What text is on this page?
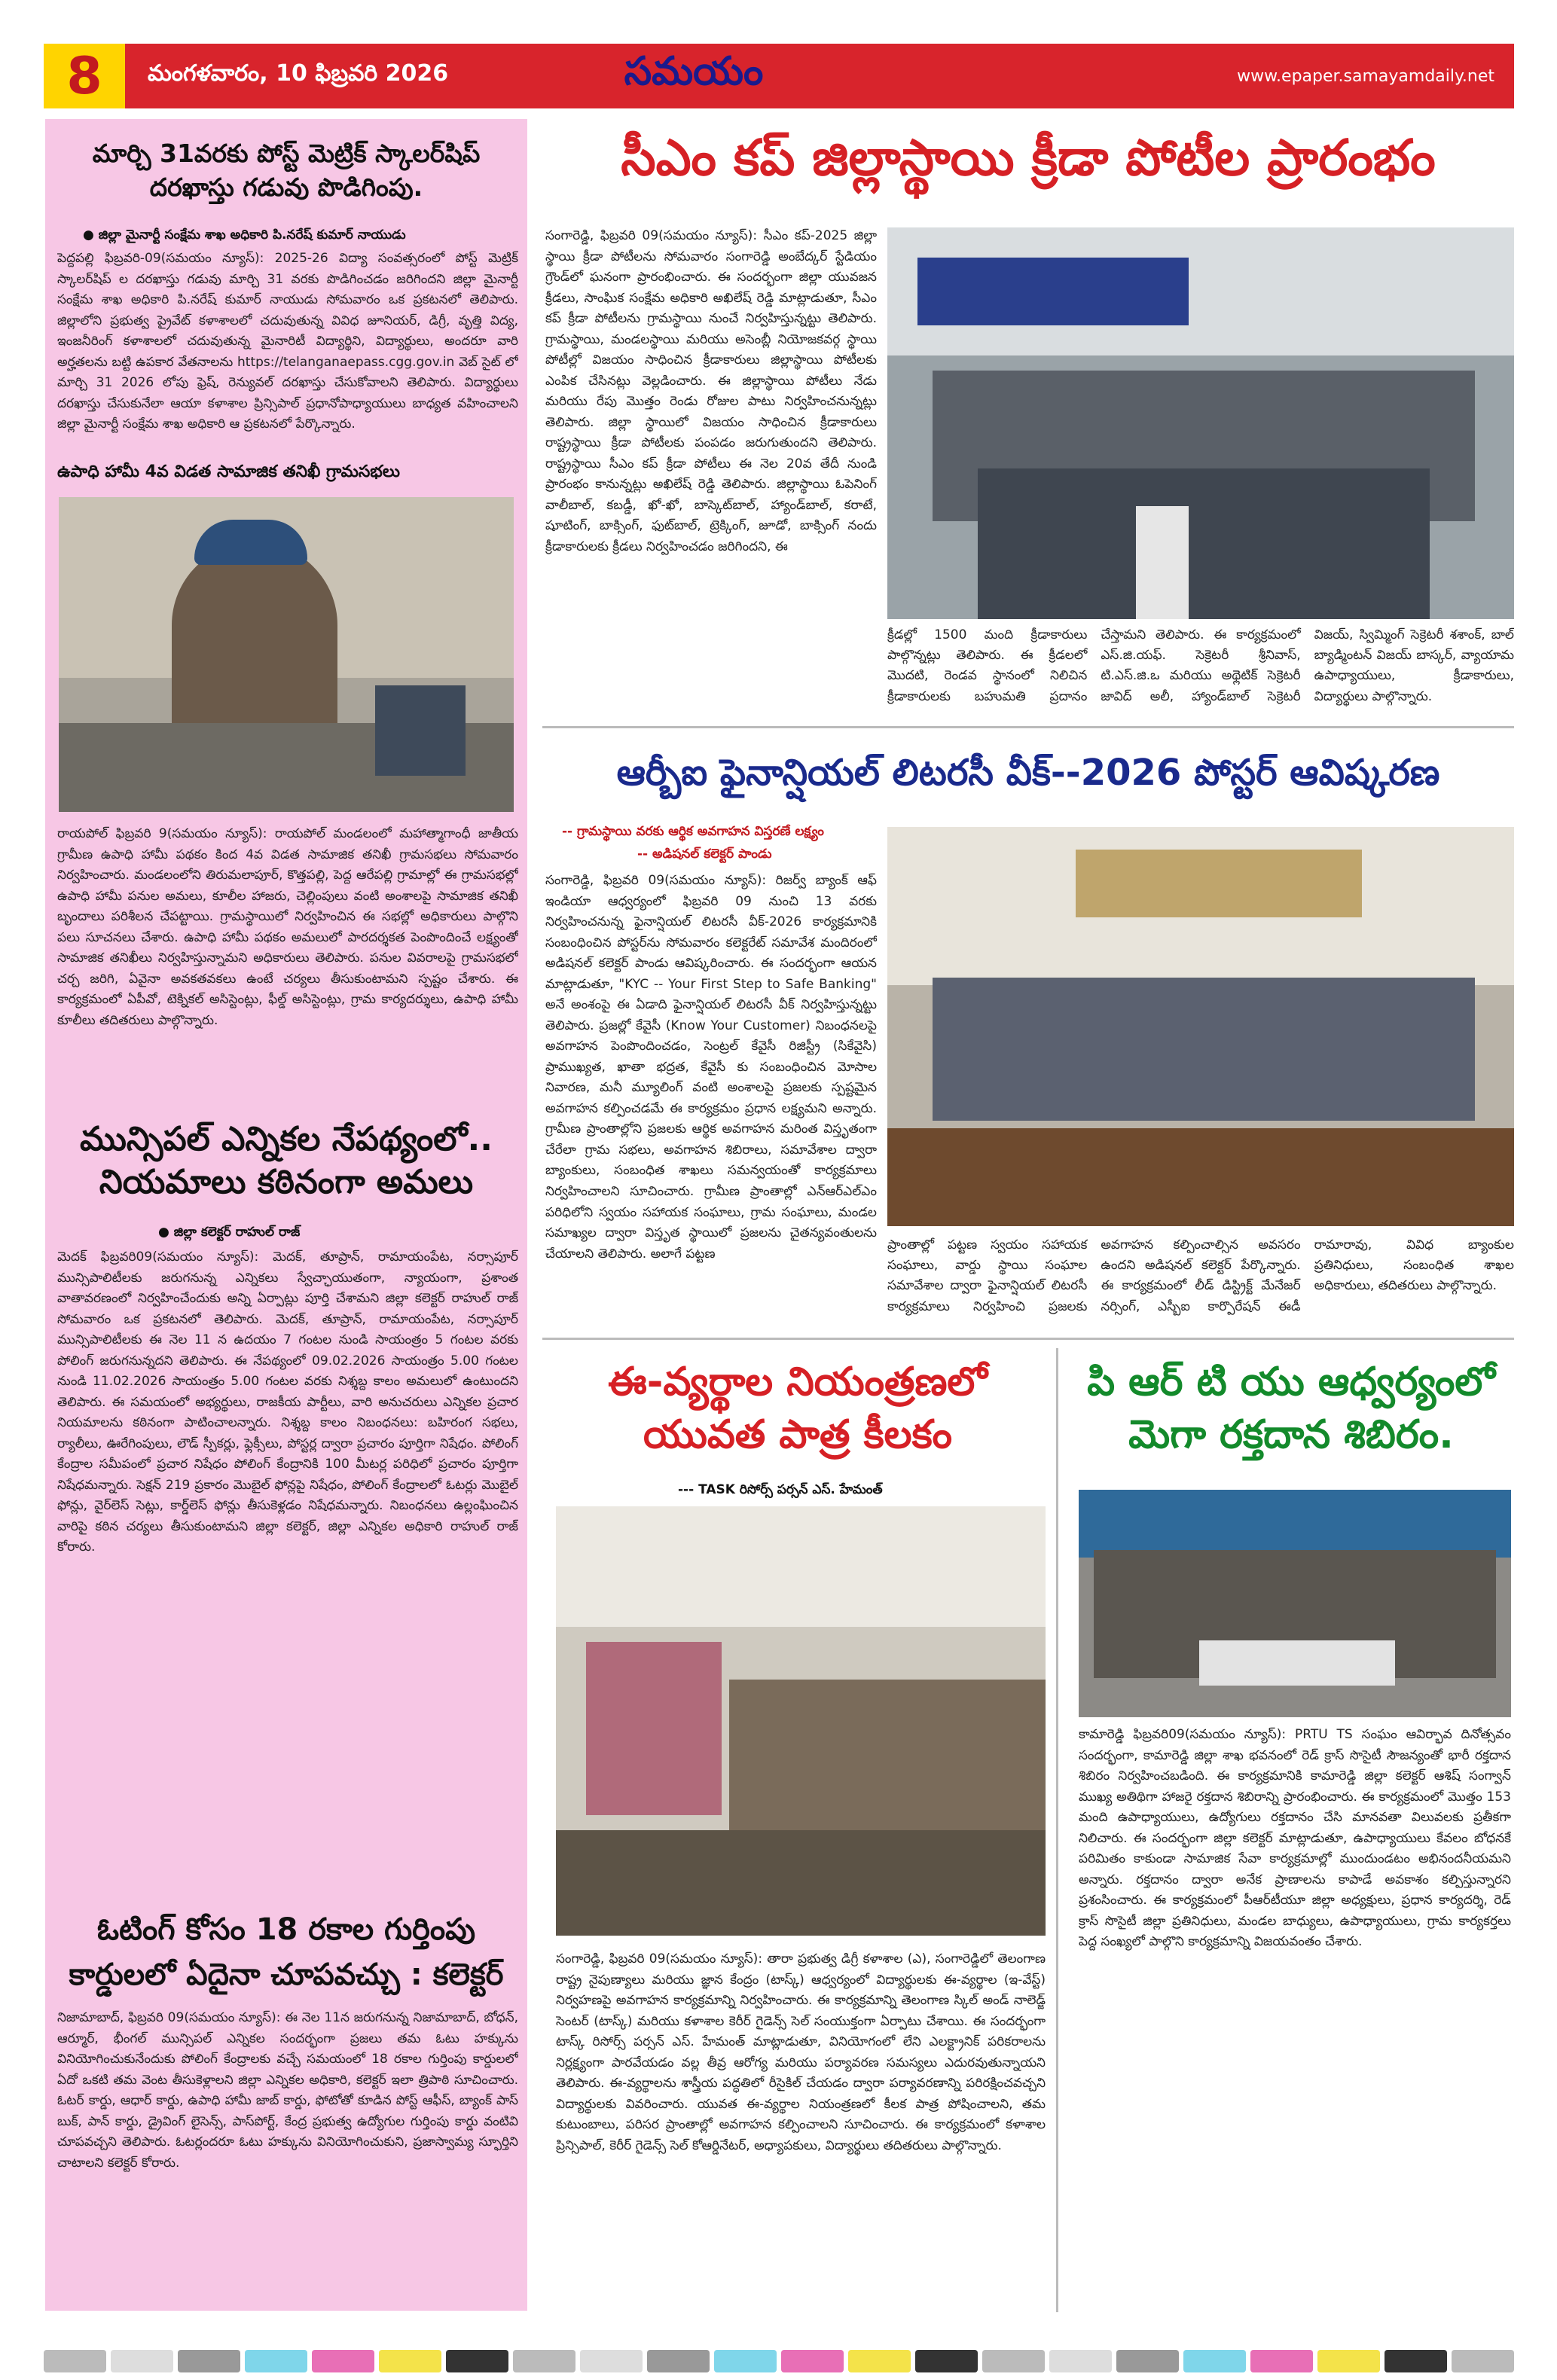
8	మంగళవారం, 10 ఫిబ్రవరి 2026	సమయం	www.epaper.samayamdaily.net
మార్చి 31వరకు పోస్ట్ మెట్రిక్ స్కాలర్‌షిప్ దరఖాస్తు గడువు పొడిగింపు.
● జిల్లా మైనార్టీ సంక్షేమ శాఖ అధికారి పి.నరేష్ కుమార్ నాయుడు
పెద్దపల్లి ఫిబ్రవరి-09(సమయం న్యూస్): 2025-26 విద్యా సంవత్సరంలో పోస్ట్ మెట్రిక్ స్కాలర్‌షిప్ ల దరఖాస్తు గడువు మార్చి 31 వరకు పొడిగించడం జరిగిందని జిల్లా మైనార్టీ సంక్షేమ శాఖ అధికారి పి.నరేష్ కుమార్ నాయుడు సోమవారం ఒక ప్రకటనలో తెలిపారు. జిల్లాలోని ప్రభుత్వ ప్రైవేట్ కళాశాలలో చదువుతున్న వివిధ జూనియర్, డిగ్రీ, వృత్తి విద్య, ఇంజనీరింగ్ కళాశాలలో చదువుతున్న మైనారిటీ విద్యార్థిని, విద్యార్థులు, అందరూ వారి అర్హతలను బట్టి ఉపకార వేతనాలను https://telanganaepass.cgg.gov.in వెబ్ సైట్ లో మార్చి 31 2026 లోపు ఫ్రెష్, రెన్యువల్ దరఖాస్తు చేసుకోవాలని తెలిపారు. విద్యార్థులు దరఖాస్తు చేసుకునేలా ఆయా కళాశాల ప్రిన్సిపాల్ ప్రధానోపాధ్యాయులు బాధ్యత వహించాలని జిల్లా మైనార్టీ సంక్షేమ శాఖ అధికారి ఆ ప్రకటనలో పేర్కొన్నారు.
ఉపాధి హామీ 4వ విడత సామాజిక తనిఖీ గ్రామసభలు
రాయపోల్ ఫిబ్రవరి 9(సమయం న్యూస్): రాయపోల్ మండలంలో మహాత్మాగాంధీ జాతీయ గ్రామీణ ఉపాధి హామీ పథకం కింద 4వ విడత సామాజిక తనిఖీ గ్రామసభలు సోమవారం నిర్వహించారు. మండలంలోని తిరుమలాపూర్, కొత్తపల్లి, పెద్ద ఆరేపల్లి గ్రామాల్లో ఈ గ్రామసభల్లో ఉపాధి హామీ పనుల అమలు, కూలీల హాజరు, చెల్లింపులు వంటి అంశాలపై సామాజిక తనిఖీ బృందాలు పరిశీలన చేపట్టాయి. గ్రామస్థాయిలో నిర్వహించిన ఈ సభల్లో అధికారులు పాల్గొని పలు సూచనలు చేశారు. ఉపాధి హామీ పథకం అమలులో పారదర్శకత పెంపొందించే లక్ష్యంతో సామాజిక తనిఖీలు నిర్వహిస్తున్నామని అధికారులు తెలిపారు. పనుల వివరాలపై గ్రామసభలో చర్చ జరిగి, ఏవైనా అవకతవకలు ఉంటే చర్యలు తీసుకుంటామని స్పష్టం చేశారు. ఈ కార్యక్రమంలో ఏపీవో, టెక్నికల్ అసిస్టెంట్లు, ఫీల్డ్ అసిస్టెంట్లు, గ్రామ కార్యదర్శులు, ఉపాధి హామీ కూలీలు తదితరులు పాల్గొన్నారు.
మున్సిపల్ ఎన్నికల నేపథ్యంలో.. నియమాలు కఠినంగా అమలు
● జిల్లా కలెక్టర్ రాహుల్ రాజ్
మెదక్ ఫిబ్రవరి09(సమయం న్యూస్): మెదక్, తూప్రాన్, రామాయంపేట, నర్సాపూర్ మున్సిపాలిటీలకు జరుగనున్న ఎన్నికలు స్వేచ్ఛాయుతంగా, న్యాయంగా, ప్రశాంత వాతావరణంలో నిర్వహించేందుకు అన్ని ఏర్పాట్లు పూర్తి చేశామని జిల్లా కలెక్టర్ రాహుల్ రాజ్ సోమవారం ఒక ప్రకటనలో తెలిపారు. మెదక్, తూప్రాన్, రామాయంపేట, నర్సాపూర్ మున్సిపాలిటీలకు ఈ నెల 11 న ఉదయం 7 గంటల నుండి సాయంత్రం 5 గంటల వరకు పోలింగ్ జరుగనున్నదని తెలిపారు. ఈ నేపథ్యంలో 09.02.2026 సాయంత్రం 5.00 గంటల నుండి 11.02.2026 సాయంత్రం 5.00 గంటల వరకు నిశ్శబ్ద కాలం అమలులో ఉంటుందని తెలిపారు. ఈ సమయంలో అభ్యర్థులు, రాజకీయ పార్టీలు, వారి అనుచరులు ఎన్నికల ప్రచార నియమాలను కఠినంగా పాటించాలన్నారు. నిశ్శబ్ద కాలం నిబంధనలు: బహిరంగ సభలు, ర్యాలీలు, ఊరేగింపులు, లౌడ్ స్పీకర్లు, ఫ్లెక్సీలు, పోస్టర్ల ద్వారా ప్రచారం పూర్తిగా నిషేధం. పోలింగ్ కేంద్రాల సమీపంలో ప్రచార నిషేధం పోలింగ్ కేంద్రానికి 100 మీటర్ల పరిధిలో ప్రచారం పూర్తిగా నిషేధమన్నారు. సెక్షన్ 219 ప్రకారం మొబైల్ ఫోన్లపై నిషేధం, పోలింగ్ కేంద్రాలలో ఓటర్లు మొబైల్ ఫోన్లు, వైర్‌లెస్ సెట్లు, కార్డ్‌లెస్ ఫోన్లు తీసుకెళ్లడం నిషేధమన్నారు. నిబంధనలు ఉల్లంఘించిన వారిపై కఠిన చర్యలు తీసుకుంటామని జిల్లా కలెక్టర్, జిల్లా ఎన్నికల అధికారి రాహుల్ రాజ్ కోరారు.
ఓటింగ్ కోసం 18 రకాల గుర్తింపు కార్డులలో ఏదైనా చూపవచ్చు : కలెక్టర్
నిజామాబాద్, ఫిబ్రవరి 09(సమయం న్యూస్): ఈ నెల 11న జరుగనున్న నిజామాబాద్, బోధన్, ఆర్మూర్, భీంగల్ మున్సిపల్ ఎన్నికల సందర్భంగా ప్రజలు తమ ఓటు హక్కును వినియోగించుకునేందుకు పోలింగ్ కేంద్రాలకు వచ్చే సమయంలో 18 రకాల గుర్తింపు కార్డులలో ఏదో ఒకటి తమ వెంట తీసుకెళ్లాలని జిల్లా ఎన్నికల అధికారి, కలెక్టర్ ఇలా త్రిపాఠి సూచించారు. ఓటర్ కార్డు, ఆధార్ కార్డు, ఉపాధి హామీ జాబ్ కార్డు, ఫోటోతో కూడిన పోస్ట్ ఆఫీస్, బ్యాంక్ పాస్ బుక్, పాన్ కార్డు, డ్రైవింగ్ లైసెన్స్, పాస్‌పోర్ట్, కేంద్ర ప్రభుత్వ ఉద్యోగుల గుర్తింపు కార్డు వంటివి చూపవచ్చని తెలిపారు. ఓటర్లందరూ ఓటు హక్కును వినియోగించుకుని, ప్రజాస్వామ్య స్ఫూర్తిని చాటాలని కలెక్టర్ కోరారు.
సీఎం కప్ జిల్లాస్థాయి క్రీడా పోటీల ప్రారంభం
సంగారెడ్డి, ఫిబ్రవరి 09(సమయం న్యూస్): సీఎం కప్-2025 జిల్లా స్థాయి క్రీడా పోటీలను సోమవారం సంగారెడ్డి అంబేద్కర్ స్టేడియం గ్రౌండ్‌లో ఘనంగా ప్రారంభించారు. ఈ సందర్భంగా జిల్లా యువజన క్రీడలు, సాంఘిక సంక్షేమ అధికారి అఖిలేష్ రెడ్డి మాట్లాడుతూ, సీఎం కప్ క్రీడా పోటీలను గ్రామస్థాయి నుంచే నిర్వహిస్తున్నట్టు తెలిపారు. గ్రామస్థాయి, మండలస్థాయి మరియు అసెంబ్లీ నియోజకవర్గ స్థాయి పోటీల్లో విజయం సాధించిన క్రీడాకారులు జిల్లాస్థాయి పోటీలకు ఎంపిక చేసినట్లు వెల్లడించారు. ఈ జిల్లాస్థాయి పోటీలు నేడు మరియు రేపు మొత్తం రెండు రోజుల పాటు నిర్వహించనున్నట్లు తెలిపారు. జిల్లా స్థాయిలో విజయం సాధించిన క్రీడాకారులు రాష్ట్రస్థాయి క్రీడా పోటీలకు పంపడం జరుగుతుందని తెలిపారు. రాష్ట్రస్థాయి సీఎం కప్ క్రీడా పోటీలు ఈ నెల 20వ తేదీ నుండి ప్రారంభం కానున్నట్లు అఖిలేష్ రెడ్డి తెలిపారు. జిల్లాస్థాయి ఓపెనింగ్ వాలీబాల్, కబడ్డీ, ఖో-ఖో, బాస్కెట్‌బాల్, హ్యాండ్‌బాల్, కరాటే, షూటింగ్, బాక్సింగ్, ఫుట్‌బాల్, ట్రెక్కింగ్, జూడో, బాక్సింగ్ నందు క్రీడాకారులకు క్రీడలు నిర్వహించడం జరిగిందని, ఈ
క్రీడల్లో 1500 మంది క్రీడాకారులు పాల్గొన్నట్లు తెలిపారు. ఈ క్రీడలలో మొదటి, రెండవ స్థానంలో నిలిచిన క్రీడాకారులకు బహుమతి ప్రదానం చేస్తామని తెలిపారు. ఈ కార్యక్రమంలో ఎస్.జి.యఫ్. సెక్రెటరీ శ్రీనివాస్, టి.ఎస్.జి.ఒ మరియు అథ్లెటిక్ సెక్రెటరీ జావిద్ అలీ, హ్యాండ్‌బాల్ సెక్రెటరీ విజయ్, స్విమ్మింగ్ సెక్రెటరీ శశాంక్, బాల్ బ్యాడ్మింటన్ విజయ్ బాస్కర్, వ్యాయామ ఉపాధ్యాయులు, క్రీడాకారులు, విద్యార్థులు పాల్గొన్నారు.
ఆర్బీఐ ఫైనాన్షియల్ లిటరసీ వీక్--2026 పోస్టర్ ఆవిష్కరణ
-- గ్రామస్థాయి వరకు ఆర్థిక అవగాహన విస్తరణే లక్ష్యం
-- అడిషనల్ కలెక్టర్ పాండు
సంగారెడ్డి, ఫిబ్రవరి 09(సమయం న్యూస్): రిజర్వ్ బ్యాంక్ ఆఫ్ ఇండియా ఆధ్వర్యంలో ఫిబ్రవరి 09 నుంచి 13 వరకు నిర్వహించనున్న ఫైనాన్షియల్ లిటరసీ వీక్-2026 కార్యక్రమానికి సంబంధించిన పోస్టర్‌ను సోమవారం కలెక్టరేట్ సమావేశ మందిరంలో అడిషనల్ కలెక్టర్ పాండు ఆవిష్కరించారు. ఈ సందర్భంగా ఆయన మాట్లాడుతూ, "KYC -- Your First Step to Safe Banking" అనే అంశంపై ఈ ఏడాది ఫైనాన్షియల్ లిటరసీ వీక్ నిర్వహిస్తున్నట్టు తెలిపారు. ప్రజల్లో కేవైసీ (Know Your Customer) నిబంధనలపై అవగాహన పెంపొందించడం, సెంట్రల్ కేవైసీ రిజిస్ట్రీ (సికేవైసి) ప్రాముఖ్యత, ఖాతా భద్రత, కేవైసీ కు సంబంధించిన మోసాల నివారణ, మనీ మ్యూలింగ్ వంటి అంశాలపై ప్రజలకు స్పష్టమైన అవగాహన కల్పించడమే ఈ కార్యక్రమం ప్రధాన లక్ష్యమని అన్నారు. గ్రామీణ ప్రాంతాల్లోని ప్రజలకు ఆర్థిక అవగాహన మరింత విస్తృతంగా చేరేలా గ్రామ సభలు, అవగాహన శిబిరాలు, సమావేశాల ద్వారా బ్యాంకులు, సంబంధిత శాఖలు సమన్వయంతో కార్యక్రమాలు నిర్వహించాలని సూచించారు. గ్రామీణ ప్రాంతాల్లో ఎన్‌ఆర్‌ఎల్‌ఎం పరిధిలోని స్వయం సహాయక సంఘాలు, గ్రామ సంఘాలు, మండల సమాఖ్యల ద్వారా విస్తృత స్థాయిలో ప్రజలను చైతన్యవంతులను చేయాలని తెలిపారు. అలాగే పట్టణ
ప్రాంతాల్లో పట్టణ స్వయం సహాయక సంఘాలు, వార్డు స్థాయి సంఘాల సమావేశాల ద్వారా ఫైనాన్షియల్ లిటరసీ కార్యక్రమాలు నిర్వహించి ప్రజలకు అవగాహన కల్పించాల్సిన అవసరం ఉందని అడిషనల్ కలెక్టర్ పేర్కొన్నారు. ఈ కార్యక్రమంలో లీడ్ డిస్ట్రిక్ట్ మేనేజర్ నర్సింగ్, ఎస్బీఐ కార్పొరేషన్ ఈడీ రామారావు, వివిధ బ్యాంకుల ప్రతినిధులు, సంబంధిత శాఖల అధికారులు, తదితరులు పాల్గొన్నారు.
ఈ-వ్యర్థాల నియంత్రణలో యువత పాత్ర కీలకం
--- TASK రిసోర్స్ పర్సన్ ఎస్. హేమంత్
సంగారెడ్డి, ఫిబ్రవరి 09(సమయం న్యూస్): తారా ప్రభుత్వ డిగ్రీ కళాశాల (ఎ), సంగారెడ్డిలో తెలంగాణ రాష్ట్ర నైపుణ్యాలు మరియు జ్ఞాన కేంద్రం (టాస్క్) ఆధ్వర్యంలో విద్యార్థులకు ఈ-వ్యర్థాల (ఇ-వేస్ట్) నిర్వహణపై అవగాహన కార్యక్రమాన్ని నిర్వహించారు. ఈ కార్యక్రమాన్ని తెలంగాణ స్కిల్ అండ్ నాలెడ్జ్ సెంటర్ (టాస్క్) మరియు కళాశాల కెరీర్ గైడెన్స్ సెల్ సంయుక్తంగా ఏర్పాటు చేశాయి. ఈ సందర్భంగా టాస్క్ రిసోర్స్ పర్సన్ ఎస్. హేమంత్ మాట్లాడుతూ, వినియోగంలో లేని ఎలక్ట్రానిక్ పరికరాలను నిర్లక్ష్యంగా పారవేయడం వల్ల తీవ్ర ఆరోగ్య మరియు పర్యావరణ సమస్యలు ఎదురవుతున్నాయని తెలిపారు. ఈ-వ్యర్థాలను శాస్త్రీయ పద్ధతిలో రీసైకిల్ చేయడం ద్వారా పర్యావరణాన్ని పరిరక్షించవచ్చని విద్యార్థులకు వివరించారు. యువత ఈ-వ్యర్థాల నియంత్రణలో కీలక పాత్ర పోషించాలని, తమ కుటుంబాలు, పరిసర ప్రాంతాల్లో అవగాహన కల్పించాలని సూచించారు. ఈ కార్యక్రమంలో కళాశాల ప్రిన్సిపాల్, కెరీర్ గైడెన్స్ సెల్ కోఆర్డినేటర్, అధ్యాపకులు, విద్యార్థులు తదితరులు పాల్గొన్నారు.
పి ఆర్ టి యు ఆధ్వర్యంలో మెగా రక్తదాన శిబిరం.
కామారెడ్డి ఫిబ్రవరి09(సమయం న్యూస్): PRTU TS సంఘం ఆవిర్భావ దినోత్సవం సందర్భంగా, కామారెడ్డి జిల్లా శాఖ భవనంలో రెడ్ క్రాస్ సొసైటీ సౌజన్యంతో భారీ రక్తదాన శిబిరం నిర్వహించబడింది. ఈ కార్యక్రమానికి కామారెడ్డి జిల్లా కలెక్టర్ ఆశిష్ సంగ్వాన్ ముఖ్య అతిథిగా హాజరై రక్తదాన శిబిరాన్ని ప్రారంభించారు. ఈ కార్యక్రమంలో మొత్తం 153 మంది ఉపాధ్యాయులు, ఉద్యోగులు రక్తదానం చేసి మానవతా విలువలకు ప్రతీకగా నిలిచారు. ఈ సందర్భంగా జిల్లా కలెక్టర్ మాట్లాడుతూ, ఉపాధ్యాయులు కేవలం బోధనకే పరిమితం కాకుండా సామాజిక సేవా కార్యక్రమాల్లో ముందుండటం అభినందనీయమని అన్నారు. రక్తదానం ద్వారా అనేక ప్రాణాలను కాపాడే అవకాశం కల్పిస్తున్నారని ప్రశంసించారు. ఈ కార్యక్రమంలో పీఆర్‌టీయూ జిల్లా అధ్యక్షులు, ప్రధాన కార్యదర్శి, రెడ్ క్రాస్ సొసైటీ జిల్లా ప్రతినిధులు, మండల బాధ్యులు, ఉపాధ్యాయులు, గ్రామ కార్యకర్తలు పెద్ద సంఖ్యలో పాల్గొని కార్యక్రమాన్ని విజయవంతం చేశారు.
